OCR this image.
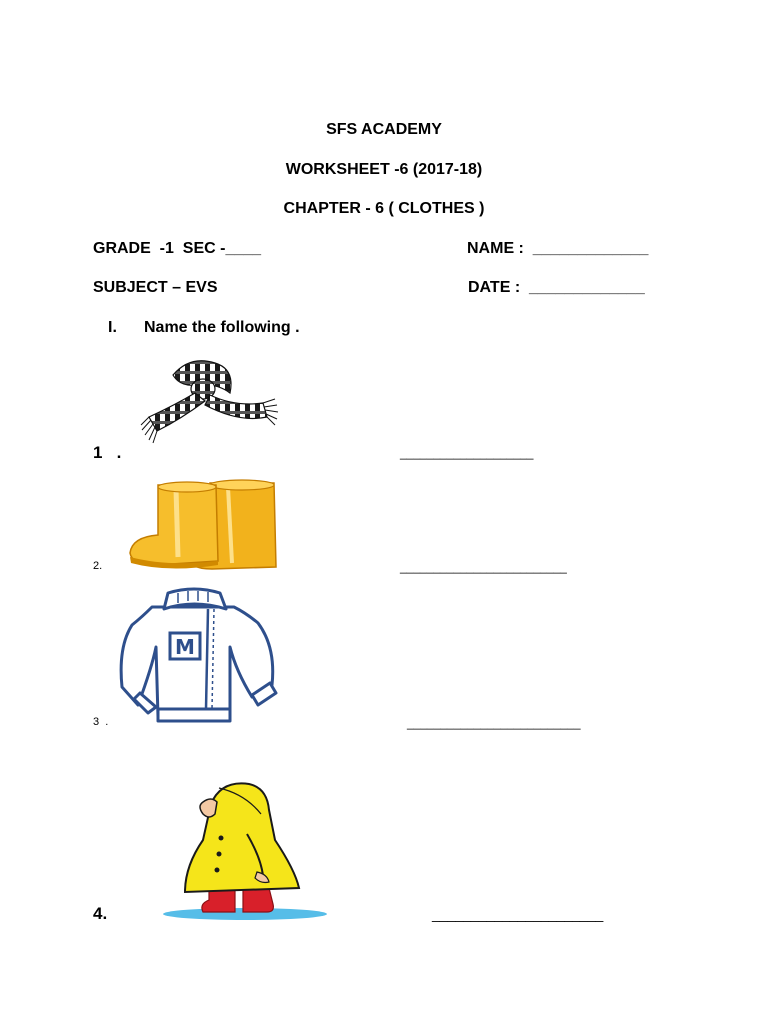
SFS ACADEMY
WORKSHEET -6 (2017-18)
CHAPTER - 6 ( CLOTHES )
GRADE  -1  SEC -____	NAME :  _____________
SUBJECT – EVS	DATE :  _____________
I. Name the following .
1   .	____________________
2.	_________________________
3  .	__________________________
M
4.	______________________
